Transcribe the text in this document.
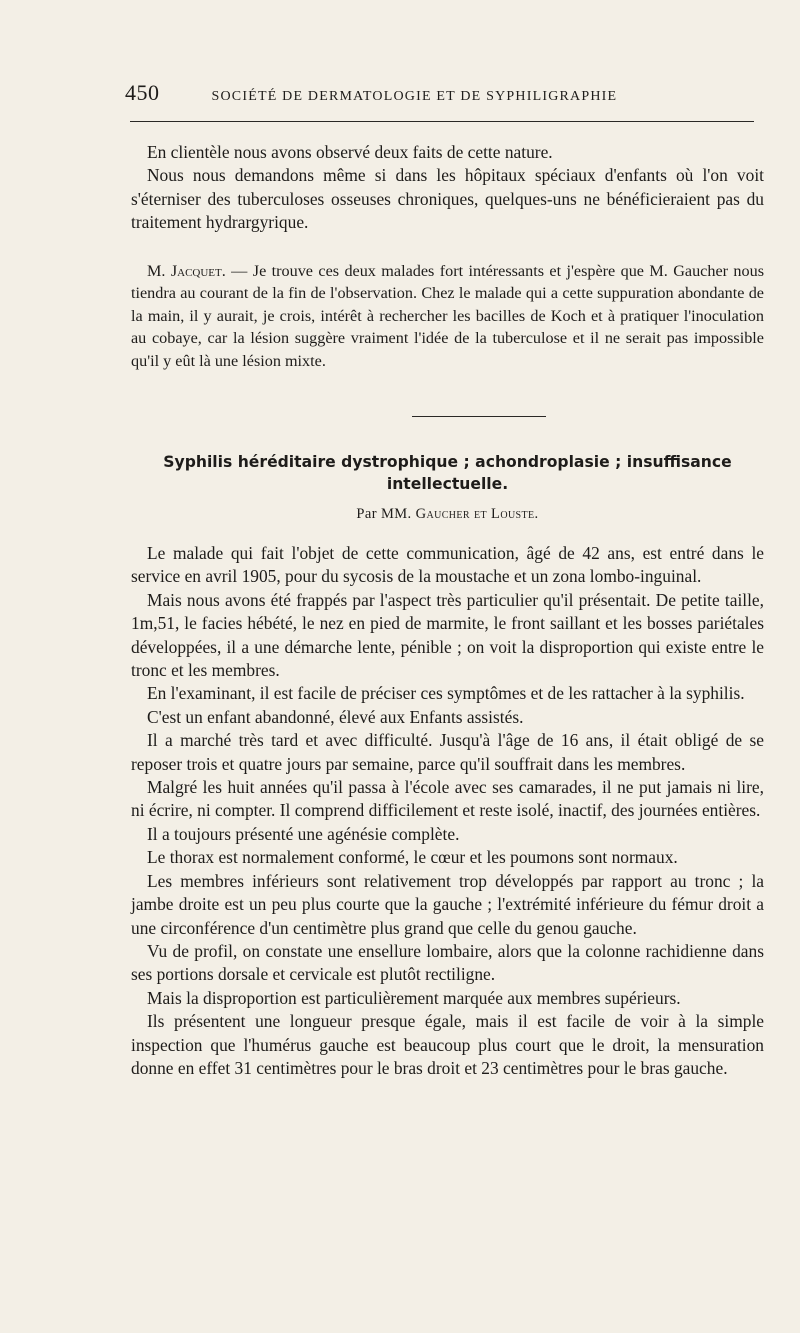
450	SOCIÉTÉ DE DERMATOLOGIE ET DE SYPHILIGRAPHIE

En clientèle nous avons observé deux faits de cette nature.

Nous nous demandons même si dans les hôpitaux spéciaux d'enfants où l'on voit s'éterniser des tuberculoses osseuses chroniques, quelques-uns ne bénéficieraient pas du traitement hydrargyrique.

M. Jacquet. — Je trouve ces deux malades fort intéressants et j'espère que M. Gaucher nous tiendra au courant de la fin de l'observation. Chez le malade qui a cette suppuration abondante de la main, il y aurait, je crois, intérêt à rechercher les bacilles de Koch et à pratiquer l'inoculation au cobaye, car la lésion suggère vraiment l'idée de la tuberculose et il ne serait pas impossible qu'il y eût là une lésion mixte.

Syphilis héréditaire dystrophique ; achondroplasie ; insuffisance
intellectuelle.
Par MM. Gaucher et Louste.

Le malade qui fait l'objet de cette communication, âgé de 42 ans, est entré dans le service en avril 1905, pour du sycosis de la moustache et un zona lombo-inguinal.

Mais nous avons été frappés par l'aspect très particulier qu'il présentait. De petite taille, 1m,51, le facies hébété, le nez en pied de marmite, le front saillant et les bosses pariétales développées, il a une démarche lente, pénible ; on voit la disproportion qui existe entre le tronc et les membres.

En l'examinant, il est facile de préciser ces symptômes et de les rattacher à la syphilis.

C'est un enfant abandonné, élevé aux Enfants assistés.

Il a marché très tard et avec difficulté. Jusqu'à l'âge de 16 ans, il était obligé de se reposer trois et quatre jours par semaine, parce qu'il souffrait dans les membres.

Malgré les huit années qu'il passa à l'école avec ses camarades, il ne put jamais ni lire, ni écrire, ni compter. Il comprend difficilement et reste isolé, inactif, des journées entières.

Il a toujours présenté une agénésie complète.

Le thorax est normalement conformé, le cœur et les poumons sont normaux.

Les membres inférieurs sont relativement trop développés par rapport au tronc ; la jambe droite est un peu plus courte que la gauche ; l'extrémité inférieure du fémur droit a une circonférence d'un centimètre plus grand que celle du genou gauche.

Vu de profil, on constate une ensellure lombaire, alors que la colonne rachidienne dans ses portions dorsale et cervicale est plutôt rectiligne.

Mais la disproportion est particulièrement marquée aux membres supérieurs.

Ils présentent une longueur presque égale, mais il est facile de voir à la simple inspection que l'humérus gauche est beaucoup plus court que le droit, la mensuration donne en effet 31 centimètres pour le bras droit et 23 centimètres pour le bras gauche.
